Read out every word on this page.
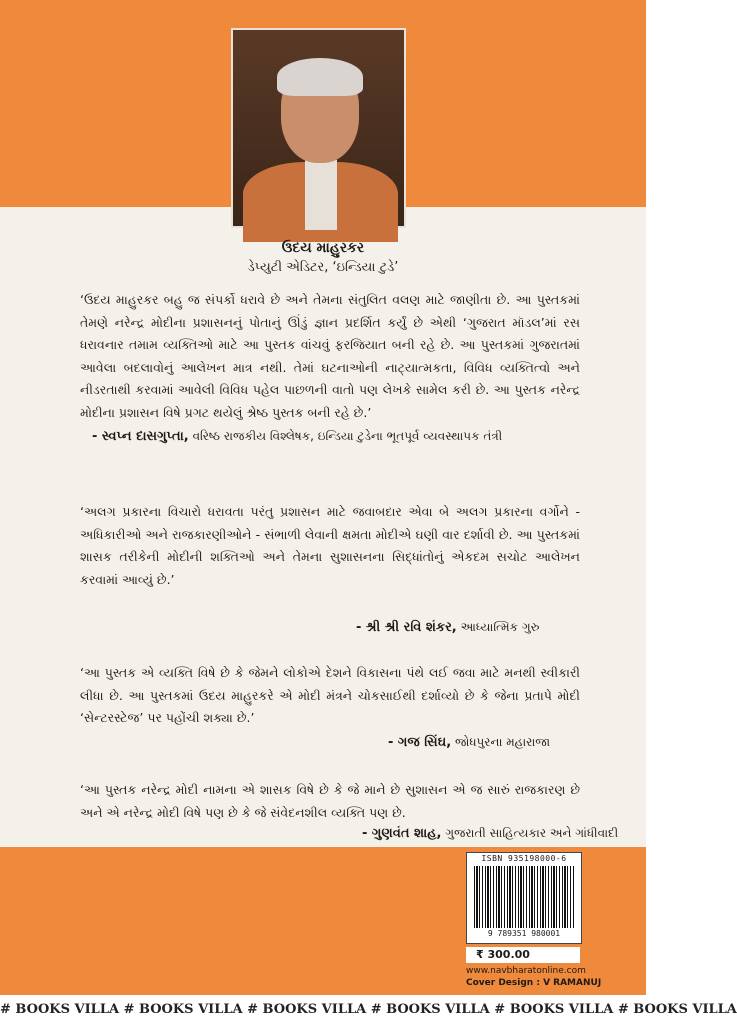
ઉદય માહુરકર
ડેપ્યુટી એડિટર, ‘ઇન્ડિયા ટુડે’
‘ઉદય માહુરકર બહુ જ સંપર્કો ધરાવે છે અને તેમના સંતુલિત વલણ માટે જાણીતા છે. આ પુસ્તકમાં તેમણે નરેન્દ્ર મોદીના પ્રશાસનનું પોતાનું ઊંડું જ્ઞાન પ્રદર્શિત કર્યું છે એથી ‘ગુજરાત મૉડલ’માં રસ ધરાવનાર તમામ વ્યક્તિઓ માટે આ પુસ્તક વાંચવું ફરજિયાત બની રહે છે. આ પુસ્તકમાં ગુજરાતમાં આવેલા બદલાવોનું આલેખન માત્ર નથી. તેમાં ઘટનાઓની નાટ્યાત્મકતા, વિવિધ વ્યક્તિત્વો અને નીડરતાથી કરવામાં આવેલી વિવિધ પહેલ પાછળની વાતો પણ લેખકે સામેલ કરી છે. આ પુસ્તક નરેન્દ્ર મોદીના પ્રશાસન વિષે પ્રગટ થયેલું શ્રેષ્ઠ પુસ્તક બની રહે છે.’
- સ્વપ્ન દાસગુપ્તા, વરિષ્ઠ રાજકીય વિશ્લેષક, ઇન્ડિયા ટુડેના ભૂતપૂર્વ વ્યવસ્થાપક તંત્રી
‘અલગ પ્રકારના વિચારો ધરાવતા પરંતુ પ્રશાસન માટે જવાબદાર એવા બે અલગ પ્રકારના વર્ગોને - અધિકારીઓ અને રાજકારણીઓને - સંભાળી લેવાની ક્ષમતા મોદીએ ઘણી વાર દર્શાવી છે. આ પુસ્તકમાં શાસક તરીકેની મોદીની શક્તિઓ અને તેમના સુશાસનના સિદ્ધાંતોનું એકદમ સચોટ આલેખન કરવામાં આવ્યું છે.’
- શ્રી શ્રી રવિ શંકર, આધ્યાત્મિક ગુરુ
‘આ પુસ્તક એ વ્યક્તિ વિષે છે કે જેમને લોકોએ દેશને વિકાસના પંથે લઈ જવા માટે મનથી સ્વીકારી લીધા છે. આ પુસ્તકમાં ઉદય માહુરકરે એ મોદી મંત્રને ચોકસાઈથી દર્શાવ્યો છે કે જેના પ્રતાપે મોદી ‘સેન્ટરસ્ટેજ’ પર પહોંચી શક્યા છે.’
- ગજ સિંઘ, જોધપુરના મહારાજા
‘આ પુસ્તક નરેન્દ્ર મોદી નામના એ શાસક વિષે છે કે જે માને છે સુશાસન એ જ સારું રાજકારણ છે અને એ નરેન્દ્ર મોદી વિષે પણ છે કે જે સંવેદનશીલ વ્યક્તિ પણ છે.
- ગુણવંત શાહ, ગુજરાતી સાહિત્યકાર અને ગાંધીવાદી
ISBN 935198000-6
9 789351 980001
₹ 300.00
www.navbharatonline.com
Cover Design : V RAMANUJ
# BOOKS VILLA # BOOKS VILLA # BOOKS VILLA # BOOKS VILLA # BOOKS VILLA # BOOKS VILLA
